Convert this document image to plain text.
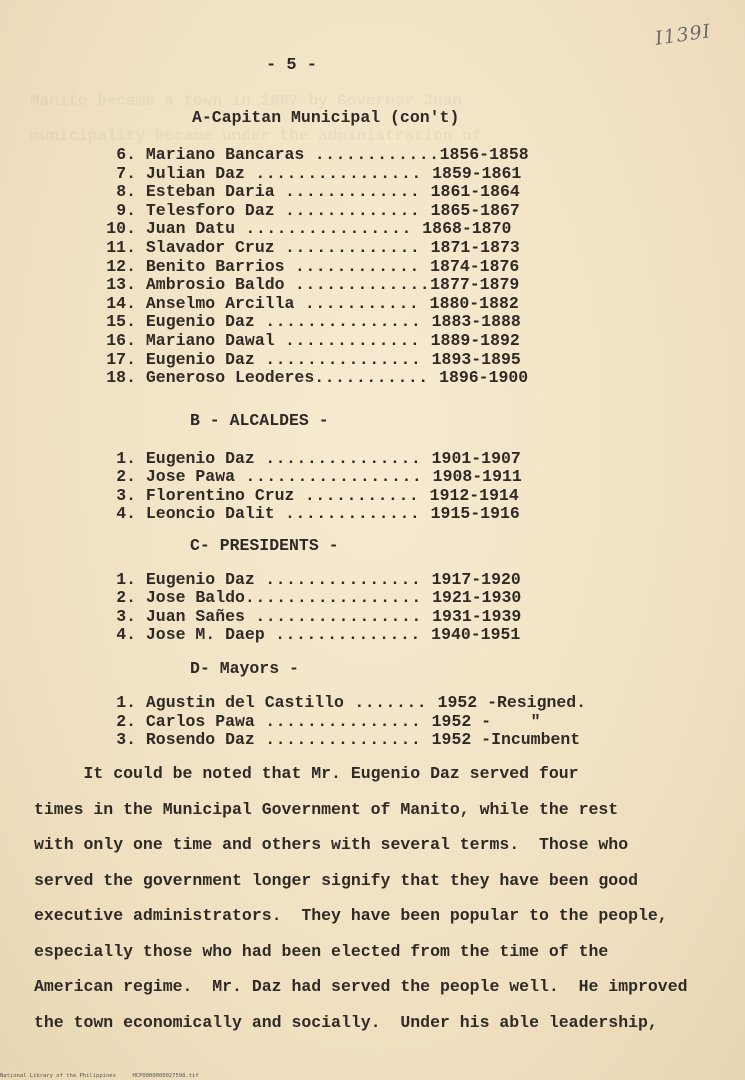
Manito became a town in 1867 by Governor Juan
municipality became under the administration of
I139I
- 5 -
A-Capitan Municipal (con't)
6. Mariano Bancaras ............1856-1858
7. Julian Daz ................ 1859-1861
8. Esteban Daria ............. 1861-1864
9. Telesforo Daz ............. 1865-1867
10. Juan Datu ................ 1868-1870
11. Slavador Cruz ............. 1871-1873
12. Benito Barrios ............ 1874-1876
13. Ambrosio Baldo .............1877-1879
14. Anselmo Arcilla ........... 1880-1882
15. Eugenio Daz ............... 1883-1888
16. Mariano Dawal ............. 1889-1892
17. Eugenio Daz ............... 1893-1895
18. Generoso Leoderes........... 1896-1900
B - ALCALDES -
1. Eugenio Daz ............... 1901-1907
2. Jose Pawa ................. 1908-1911
3. Florentino Cruz ........... 1912-1914
4. Leoncio Dalit ............. 1915-1916
C- PRESIDENTS -
1. Eugenio Daz ............... 1917-1920
2. Jose Baldo................. 1921-1930
3. Juan Sañes ................ 1931-1939
4. Jose M. Daep .............. 1940-1951
D- Mayors -
1. Agustin del Castillo ....... 1952 -Resigned.
2. Carlos Pawa ............... 1952 -    "
3. Rosendo Daz ............... 1952 -Incumbent
It could be noted that Mr. Eugenio Daz served four
times in the Municipal Government of Manito, while the rest
with only one time and others with several terms.  Those who
served the government longer signify that they have been good
executive administrators.  They have been popular to the people,
especially those who had been elected from the time of the
American regime.  Mr. Daz had served the people well.  He improved
the town economically and socially.  Under his able leadership,
National Library of the Philippines     HCP0000000027598.tif
